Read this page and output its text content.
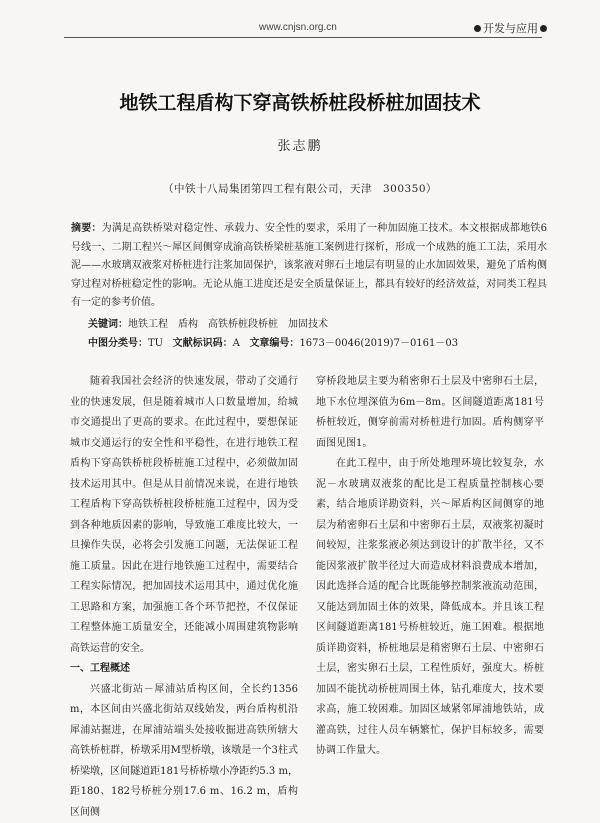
www.cnjsn.org.cn	开发与应用
地铁工程盾构下穿高铁桥桩段桥桩加固技术
张志鹏
（中铁十八局集团第四工程有限公司，天津　300350）
摘要：为满足高铁桥梁对稳定性、承载力、安全性的要求，采用了一种加固施工技术。本文根据成都地铁6号线一、二期工程兴～犀区间侧穿成渝高铁桥梁桩基施工案例进行探析，形成一个成熟的施工工法，采用水泥——水玻璃双液浆对桥桩进行注浆加固保护，该浆液对卵石土地层有明显的止水加固效果，避免了盾构侧穿过程对桥桩稳定性的影响。无论从施工进度还是安全质量保证上，都具有较好的经济效益，对同类工程具有一定的参考价值。
关键词：地铁工程　盾构　高铁桥桩段桥桩　加固技术
中图分类号：TU 文献标识码：A 文章编号：1673－0046(2019)7－0161－03

随着我国社会经济的快速发展，带动了交通行业的快速发展，但是随着城市人口数量增加，给城市交通提出了更高的要求。在此过程中，要想保证城市交通运行的安全性和平稳性，在进行地铁工程盾构下穿高铁桥桩段桥桩施工过程中，必须做加固技术运用其中。但是从目前情况来说，在进行地铁工程盾构下穿高铁桥桩段桥桩施工过程中，因为受到各种地质因素的影响，导致施工难度比较大，一旦操作失误，必将会引发施工问题，无法保证工程施工质量。因此在进行地铁施工过程中，需要结合工程实际情况，把加固技术运用其中，通过优化施工思路和方案，加强施工各个环节把控，不仅保证工程整体施工质量安全，还能减小周围建筑物影响高铁运营的安全。

一、工程概述

兴盛北街站－犀浦站盾构区间，全长约1356 m，本区间由兴盛北街站双线始发，两台盾构机沿犀浦站掘进，在犀浦站端头处接收掘进高铁所辖大高铁桥桩群，桥墩采用M型桥墩，该墩是一个3柱式桥梁墩，区间隧道距181号桥桥墩小净距约5.3 m，距180、182号桥桩分别17.6 m、16.2 m，盾构区间侧

穿桥段地层主要为稍密卵石土层及中密卵石土层，地下水位埋深值为6m－8m。区间隧道距离181号桥桩较近，侧穿前需对桥桩进行加固。盾构侧穿平面图见图1。

在此工程中，由于所处地理环境比较复杂，水泥－水玻璃双液浆的配比是工程质量控制核心要素，结合地质详勘资料，兴～犀盾构区间侧穿的地层为稍密卵石土层和中密卵石土层，双液浆初凝时间较短，注浆浆液必须达到设计的扩散半径，又不能因浆液扩散半径过大而造成材料浪费成本增加，因此选择合适的配合比既能够控制浆液流动范围，又能达到加固土体的效果，降低成本。并且该工程区间隧道距离181号桥桩较近，施工困难。根据地质详勘资料，桥桩地层是稍密卵石土层、中密卵石土层，密实卵石土层，工程性质好，强度大。桥桩加固不能扰动桥桩周围土体，钻孔难度大，技术要求高，施工较困难。加固区域紧邻犀浦地铁站，成灌高铁，过往人员车辆繁忙，保护目标较多，需要协调工作量大。
